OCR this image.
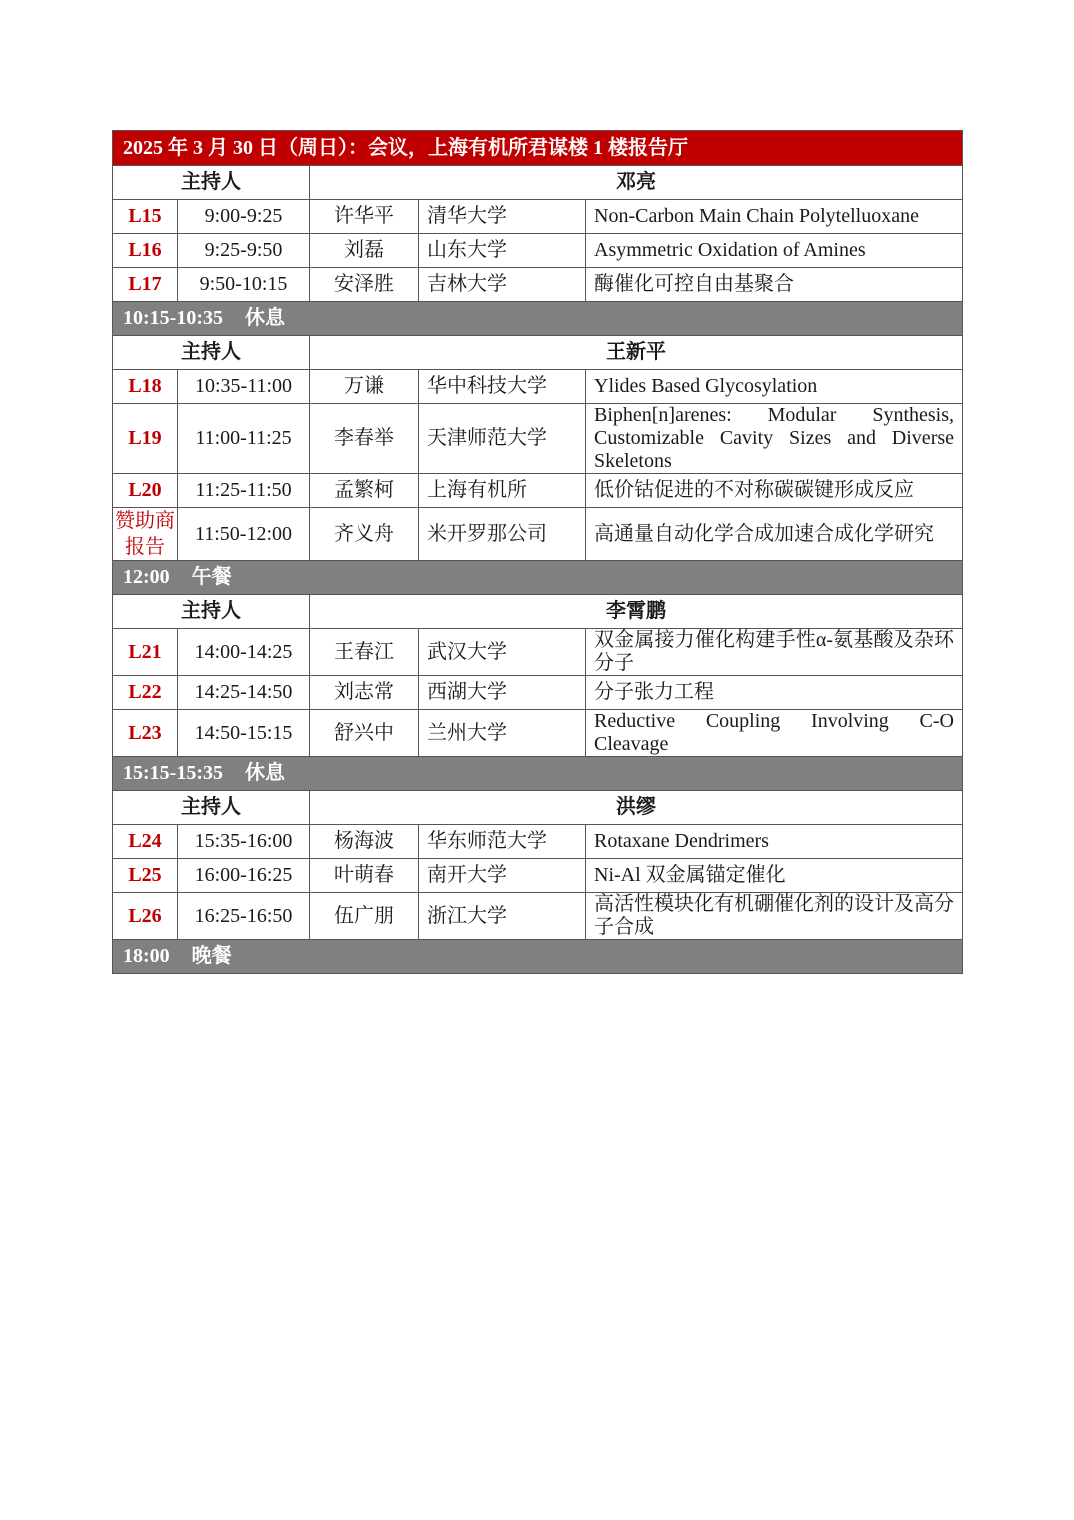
2025 年 3 月 30 日（周日）：会议，上海有机所君谋楼 1 楼报告厅				
主持人		邓亮		
L15	9:00-9:25	许华平	清华大学	Non-Carbon Main Chain Polytelluoxane
L16	9:25-9:50	刘磊	山东大学	Asymmetric Oxidation of Amines
L17	9:50-10:15	安泽胜	吉林大学	酶催化可控自由基聚合
10:15-10:35 休息				
主持人		王新平		
L18	10:35-11:00	万谦	华中科技大学	Ylides Based Glycosylation
L19	11:00-11:25	李春举	天津师范大学	Biphen[n]arenes: Modular Synthesis, Customizable Cavity Sizes and Diverse Skeletons
L20	11:25-11:50	孟繁柯	上海有机所	低价钴促进的不对称碳碳键形成反应
赞助商报告	11:50-12:00	齐义舟	米开罗那公司	高通量自动化学合成加速合成化学研究
12:00 午餐				
主持人		李霄鹏		
L21	14:00-14:25	王春江	武汉大学	双金属接力催化构建手性α-氨基酸及杂环分子
L22	14:25-14:50	刘志常	西湖大学	分子张力工程
L23	14:50-15:15	舒兴中	兰州大学	Reductive Coupling Involving C-O Cleavage
15:15-15:35 休息				
主持人		洪缪		
L24	15:35-16:00	杨海波	华东师范大学	Rotaxane Dendrimers
L25	16:00-16:25	叶萌春	南开大学	Ni-Al 双金属锚定催化
L26	16:25-16:50	伍广朋	浙江大学	高活性模块化有机硼催化剂的设计及高分子合成
18:00 晚餐				
